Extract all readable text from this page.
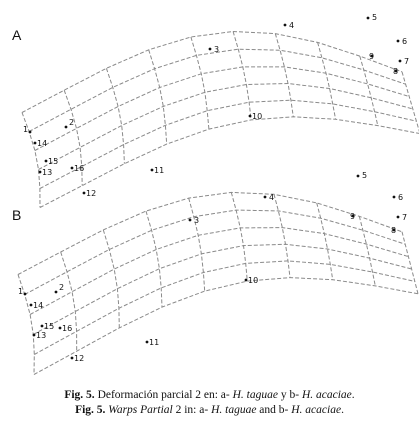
A
1
2
3
4
5
6
7
8
9
10
11
12
13
14
15
16
B
1	2
3
4
5
6
7
8
9
10
11
12
13
14
15 16
Fig. 5. Deformación parcial 2 en: a- H. taguae y b- H. acaciae.
Fig. 5. Warps Partial 2 in: a- H. taguae and b- H. acaciae.
